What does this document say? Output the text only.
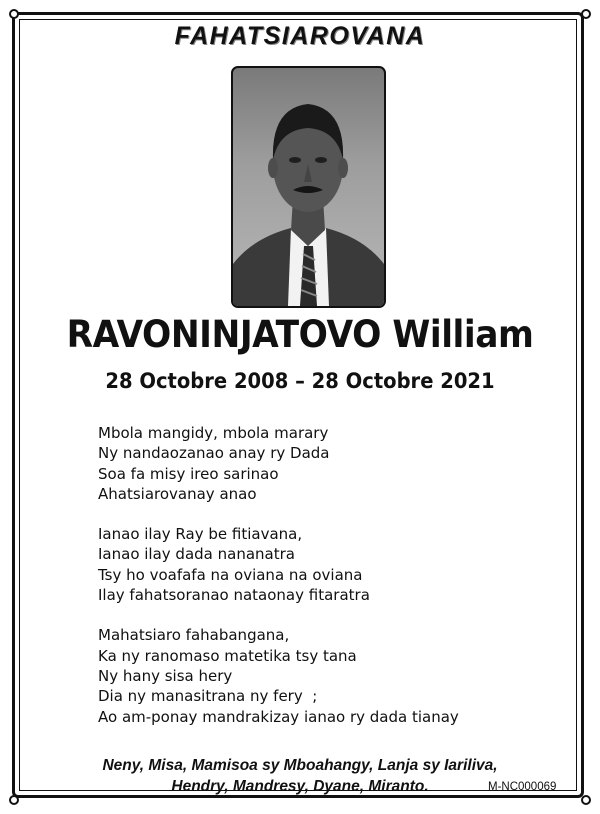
FAHATSIAROVANA
RAVONINJATOVO William
28 Octobre 2008 – 28 Octobre 2021
Mbola mangidy, mbola marary
Ny nandaozanao anay ry Dada
Soa fa misy ireo sarinao
Ahatsiarovanay anao
Ianao ilay Ray be fitiavana,
Ianao ilay dada nananatra
Tsy ho voafafa na oviana na oviana
Ilay fahatsoranao nataonay fitaratra
Mahatsiaro fahabangana,
Ka ny ranomaso matetika tsy tana
Ny hany sisa hery
Dia ny manasitrana ny fery  ;
Ao am-ponay mandrakizay ianao ry dada tianay
Neny, Misa, Mamisoa sy Mboahangy, Lanja sy Iariliva,
Hendry, Mandresy, Dyane, Miranto.	M-NC000069
